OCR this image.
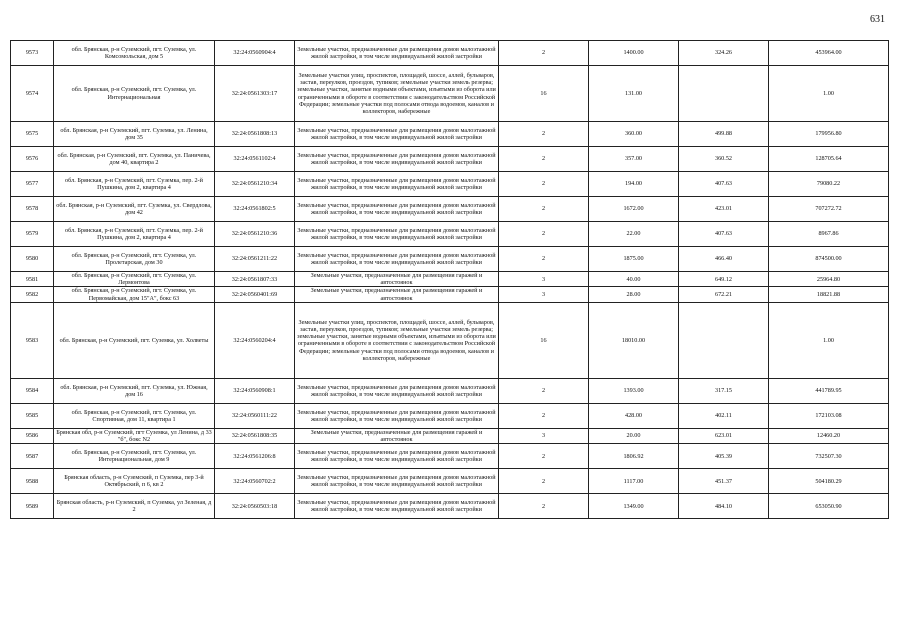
631
9573	обл. Брянская, р-н Суземский, пгт. Суземка, ул. Комсомольская, дом 5	32:24:0560904:4	Земельные участки, предназначенные для размещения домов малоэтажной жилой застройки, в том числе индивидуальной жилой застройки	2	1400.00	324.26	453964.00
9574	обл. Брянская, р-н Суземский, пгт. Суземка, ул. Интернациональная	32:24:0561303:17	Земельные участки улиц, проспектов, площадей, шоссе, аллей, бульваров, застав, переулков, проездов, тупиков; земельные участки земель резерва; земельные участки, занятые водными объектами, изъятыми из оборота или ограниченными в обороте в соответствии с законодательством Российской Федерации; земельные участки под полосами отвода водоемов, каналов и коллекторов, набережные	16	131.00		1.00
9575	обл. Брянская, р-н Суземский, пгт. Суземка, ул. Ленина, дом 35	32:24:0561808:13	Земельные участки, предназначенные для размещения домов малоэтажной жилой застройки, в том числе индивидуальной жилой застройки	2	360.00	499.88	179956.80
9576	обл. Брянская, р-н Суземский, пгт. Суземка, ул. Паничева, дом 40, квартира 2	32:24:0561102:4	Земельные участки, предназначенные для размещения домов малоэтажной жилой застройки, в том числе индивидуальной жилой застройки	2	357.00	360.52	128705.64
9577	обл. Брянская, р-н Суземский, пгт. Суземка, пер. 2-й Пушкина, дом 2, квартира 4	32:24:0561210:34	Земельные участки, предназначенные для размещения домов малоэтажной жилой застройки, в том числе индивидуальной жилой застройки	2	194.00	407.63	79080.22
9578	обл. Брянская, р-н Суземский, пгт. Суземка, ул. Свердлова, дом 42	32:24:0561802:5	Земельные участки, предназначенные для размещения домов малоэтажной жилой застройки, в том числе индивидуальной жилой застройки	2	1672.00	423.01	707272.72
9579	обл. Брянская, р-н Суземский, пгт. Суземка, пер. 2-й Пушкина, дом 2, квартира 4	32:24:0561210:36	Земельные участки, предназначенные для размещения домов малоэтажной жилой застройки, в том числе индивидуальной жилой застройки	2	22.00	407.63	8967.86
9580	обл. Брянская, р-н Суземский, пгт. Суземка, ул. Пролетарская, дом 30	32:24:0561211:22	Земельные участки, предназначенные для размещения домов малоэтажной жилой застройки, в том числе индивидуальной жилой застройки	2	1875.00	466.40	874500.00
9581	обл. Брянская, р-н Суземский, пгт. Суземка, ул. Лермонтова	32:24:0561807:33	Земельные участки, предназначенные для размещения гаражей и автостоянок	3	40.00	649.12	25964.80
9582	обл. Брянская, р-н Суземский, пгт. Суземка, ул. Первомайская, дом 15"А", бокс 63	32:24:0560401:69	Земельные участки, предназначенные для размещения гаражей и автостоянок	3	28.00	672.21	18821.88
9583	обл. Брянская, р-н Суземский, пгт. Суземка, ул. Холветы	32:24:0560204:4	Земельные участки улиц, проспектов, площадей, шоссе, аллей, бульваров, застав, переулков, проездов, тупиков; земельные участки земель резерва; земельные участки, занятые водными объектами, изъятыми из оборота или ограниченными в обороте в соответствии с законодательством Российской Федерации; земельные участки под полосами отвода водоемов, каналов и коллекторов, набережные	16	18010.00		1.00
9584	обл. Брянская, р-н Суземский, пгт. Суземка, ул. Южная, дом 16	32:24:0560908:1	Земельные участки, предназначенные для размещения домов малоэтажной жилой застройки, в том числе индивидуальной жилой застройки	2	1393.00	317.15	441789.95
9585	обл. Брянская, р-н Суземский, пгт. Суземка, ул. Спортивная, дом 11, квартира 1	32:24:0560111:22	Земельные участки, предназначенные для размещения домов малоэтажной жилой застройки, в том числе индивидуальной жилой застройки	2	428.00	402.11	172103.08
9586	Брянская обл, р-н Суземский, пгт Суземка, ул Ленина, д 33 "б", бокс N2	32:24:0561808:35	Земельные участки, предназначенные для размещения гаражей и автостоянок	3	20.00	623.01	12460.20
9587	обл. Брянская, р-н Суземский, пгт. Суземка, ул. Интернациональная, дом 9	32:24:0561206:8	Земельные участки, предназначенные для размещения домов малоэтажной жилой застройки, в том числе индивидуальной жилой застройки	2	1806.92	405.39	732507.30
9588	Брянская область, р-н Суземский, п Суземка, пер 3-й Октябрьский, п 6, кв 2	32:24:0560702:2	Земельные участки, предназначенные для размещения домов малоэтажной жилой застройки, в том числе индивидуальной жилой застройки	2	1117.00	451.37	504180.29
9589	Брянская область, р-н Суземский, п Суземка, ул Зеленая, д 2	32:24:0560503:18	Земельные участки, предназначенные для размещения домов малоэтажной жилой застройки, в том числе индивидуальной жилой застройки	2	1349.00	484.10	653050.90
